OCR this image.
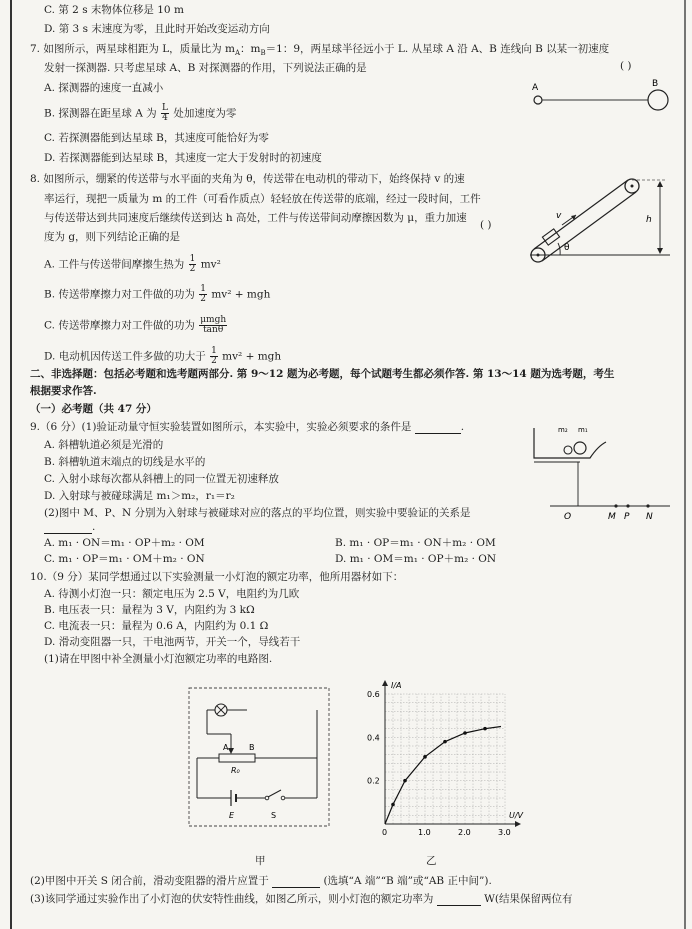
C. 第 2 s 末物体位移是 10 m
D. 第 3 s 末速度为零，且此时开始改变运动方向
7. 如图所示，两星球相距为 L，质量比为 $m_A$：$m_B=1$：9，两星球半径远小于 L. 从星球 A 沿 A、B 连线向 B 以某一初速度
( )
发射一探测器. 只考虑星球 A、B 对探测器的作用，下列说法正确的是
A. 探测器的速度一直减小
B. 探测器在距星球 A 为 $\frac{L}{4}$ 处加速度为零
C. 若探测器能到达星球 B，其速度可能恰好为零
D. 若探测器能到达星球 B，其速度一定大于发射时的初速度
A	B
8. 如图所示，绷紧的传送带与水平面的夹角为 θ，传送带在电动机的带动下，始终保持 v 的速
率运行，现把一质量为 m 的工件（可看作质点）轻轻放在传送带的底端，经过一段时间，工件
与传送带达到共同速度后继续传送到达 h 高处，工件与传送带间动摩擦因数为 μ，重力加速
度为 g，则下列结论正确的是
( )
A. 工件与传送带间摩擦生热为 $\frac{1}{2} mv^2$
B. 传送带摩擦力对工件做的功为 $\frac{1}{2} mv^2$ + mgh
C. 传送带摩擦力对工件做的功为 $\frac{\text{μmgh}}{\tan\theta}$
D. 电动机因传送工件多做的功大于 $\frac{1}{2} mv^2$ + mgh
v
θ
h
二、非选择题：包括必考题和选考题两部分. 第 9～12 题为必考题，每个试题考生都必须作答. 第 13～14 题为选考题，考生
根据要求作答.
（一）必考题（共 47 分）
9.（6 分）(1)验证动量守恒实验装置如图所示，本实验中，实验必须要求的条件是	.
A. 斜槽轨道必须是光滑的
B. 斜槽轨道末端点的切线是水平的
C. 入射小球每次都从斜槽上的同一位置无初速释放
D. 入射球与被碰球满足 m₁＞m₂，r₁＝r₂
(2)图中 M、P、N 分别为入射球与被碰球对应的落点的平均位置，则实验中要验证的关系是
.
A. m₁ · ON＝m₁ · OP＋m₂ · OM	B. m₁ · OP＝m₁ · ON＋m₂ · OM
C. m₁ · OP＝m₁ · OM＋m₂ · ON	D. m₁ · OM＝m₁ · OP＋m₂ · ON
m₂ m₁
O	M P N
10.（9 分）某同学想通过以下实验测量一小灯泡的额定功率，他所用器材如下：
A. 待测小灯泡一只：额定电压为 2.5 V，电阻约为几欧
B. 电压表一只：量程为 3 V，内阻约为 3 kΩ
C. 电流表一只：量程为 0.6 A，内阻约为 0.1 Ω
D. 滑动变阻器一只，干电池两节，开关一个，导线若干
(1)请在甲图中补全测量小灯泡额定功率的电路图.
A	B
R₀
E	S
甲
I/A
U/V
0	1.0	2.0	3.0
0.2
0.4
0.6
乙
(2)甲图中开关 S 闭合前，滑动变阻器的滑片应置于	(选填“A 端”“B 端”或“AB 正中间”).
(3)该同学通过实验作出了小灯泡的伏安特性曲线，如图乙所示，则小灯泡的额定功率为	W(结果保留两位有
